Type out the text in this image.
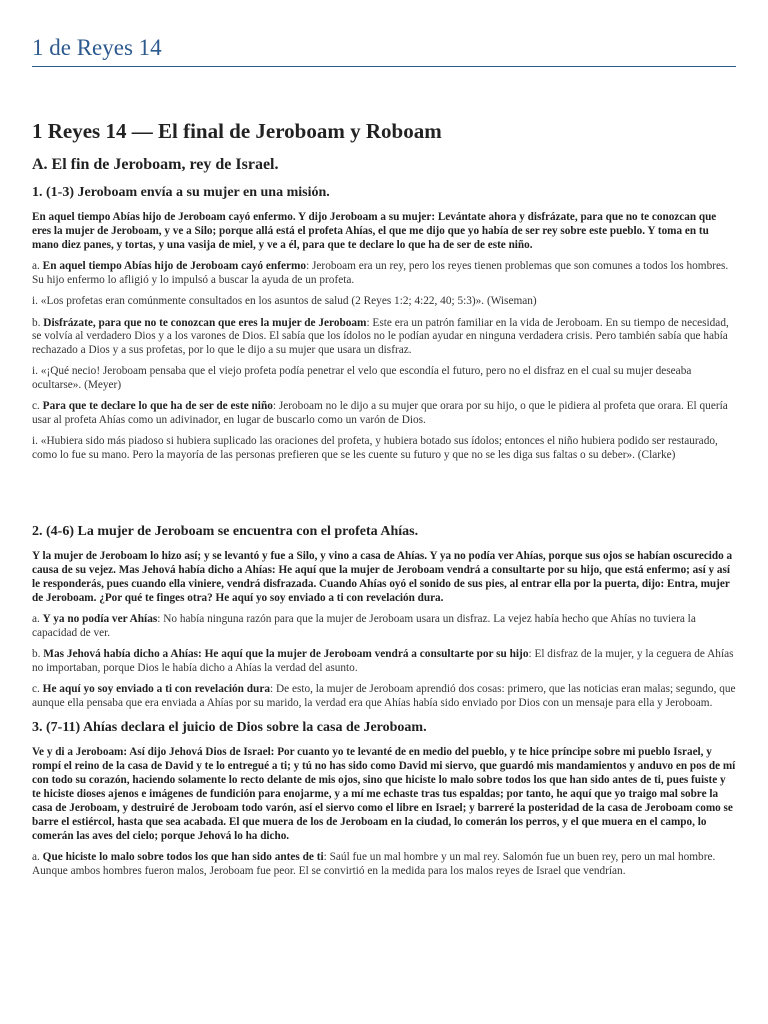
1 de Reyes 14
1 Reyes 14 — El final de Jeroboam y Roboam
A. El fin de Jeroboam, rey de Israel.
1. (1-3) Jeroboam envía a su mujer en una misión.

En aquel tiempo Abías hijo de Jeroboam cayó enfermo. Y dijo Jeroboam a su mujer: Levántate ahora y disfrázate, para que no te conozcan que eres la mujer de Jeroboam, y ve a Silo; porque allá está el profeta Ahías, el que me dijo que yo había de ser rey sobre este pueblo. Y toma en tu mano diez panes, y tortas, y una vasija de miel, y ve a él, para que te declare lo que ha de ser de este niño.

a. En aquel tiempo Abías hijo de Jeroboam cayó enfermo: Jeroboam era un rey, pero los reyes tienen problemas que son comunes a todos los hombres. Su hijo enfermo lo afligió y lo impulsó a buscar la ayuda de un profeta.

i. «Los profetas eran comúnmente consultados en los asuntos de salud (2 Reyes 1:2; 4:22, 40; 5:3)». (Wiseman)

b. Disfrázate, para que no te conozcan que eres la mujer de Jeroboam: Este era un patrón familiar en la vida de Jeroboam. En su tiempo de necesidad, se volvía al verdadero Dios y a los varones de Dios. El sabía que los ídolos no le podían ayudar en ninguna verdadera crisis. Pero también sabía que había rechazado a Dios y a sus profetas, por lo que le dijo a su mujer que usara un disfraz.

i. «¡Qué necio! Jeroboam pensaba que el viejo profeta podía penetrar el velo que escondía el futuro, pero no el disfraz en el cual su mujer deseaba ocultarse». (Meyer)

c. Para que te declare lo que ha de ser de este niño: Jeroboam no le dijo a su mujer que orara por su hijo, o que le pidiera al profeta que orara. El quería usar al profeta Ahías como un adivinador, en lugar de buscarlo como un varón de Dios.

i. «Hubiera sido más piadoso si hubiera suplicado las oraciones del profeta, y hubiera botado sus ídolos; entonces el niño hubiera podido ser restaurado, como lo fue su mano. Pero la mayoría de las personas prefieren que se les cuente su futuro y que no se les diga sus faltas o su deber». (Clarke)

2. (4-6) La mujer de Jeroboam se encuentra con el profeta Ahías.

Y la mujer de Jeroboam lo hizo así; y se levantó y fue a Silo, y vino a casa de Ahías. Y ya no podía ver Ahías, porque sus ojos se habían oscurecido a causa de su vejez. Mas Jehová había dicho a Ahías: He aquí que la mujer de Jeroboam vendrá a consultarte por su hijo, que está enfermo; así y así le responderás, pues cuando ella viniere, vendrá disfrazada. Cuando Ahías oyó el sonido de sus pies, al entrar ella por la puerta, dijo: Entra, mujer de Jeroboam. ¿Por qué te finges otra? He aquí yo soy enviado a ti con revelación dura.

a. Y ya no podía ver Ahías: No había ninguna razón para que la mujer de Jeroboam usara un disfraz. La vejez había hecho que Ahías no tuviera la capacidad de ver.

b. Mas Jehová había dicho a Ahías: He aquí que la mujer de Jeroboam vendrá a consultarte por su hijo: El disfraz de la mujer, y la ceguera de Ahías no importaban, porque Dios le había dicho a Ahías la verdad del asunto.

c. He aquí yo soy enviado a ti con revelación dura: De esto, la mujer de Jeroboam aprendió dos cosas: primero, que las noticias eran malas; segundo, que aunque ella pensaba que era enviada a Ahías por su marido, la verdad era que Ahías había sido enviado por Dios con un mensaje para ella y Jeroboam.

3. (7-11) Ahías declara el juicio de Dios sobre la casa de Jeroboam.

Ve y di a Jeroboam: Así dijo Jehová Dios de Israel: Por cuanto yo te levanté de en medio del pueblo, y te hice príncipe sobre mi pueblo Israel, y rompí el reino de la casa de David y te lo entregué a ti; y tú no has sido como David mi siervo, que guardó mis mandamientos y anduvo en pos de mí con todo su corazón, haciendo solamente lo recto delante de mis ojos, sino que hiciste lo malo sobre todos los que han sido antes de ti, pues fuiste y te hiciste dioses ajenos e imágenes de fundición para enojarme, y a mí me echaste tras tus espaldas; por tanto, he aquí que yo traigo mal sobre la casa de Jeroboam, y destruiré de Jeroboam todo varón, así el siervo como el libre en Israel; y barreré la posteridad de la casa de Jeroboam como se barre el estiércol, hasta que sea acabada. El que muera de los de Jeroboam en la ciudad, lo comerán los perros, y el que muera en el campo, lo comerán las aves del cielo; porque Jehová lo ha dicho.

a. Que hiciste lo malo sobre todos los que han sido antes de ti: Saúl fue un mal hombre y un mal rey. Salomón fue un buen rey, pero un mal hombre. Aunque ambos hombres fueron malos, Jeroboam fue peor. El se convirtió en la medida para los malos reyes de Israel que vendrían.
